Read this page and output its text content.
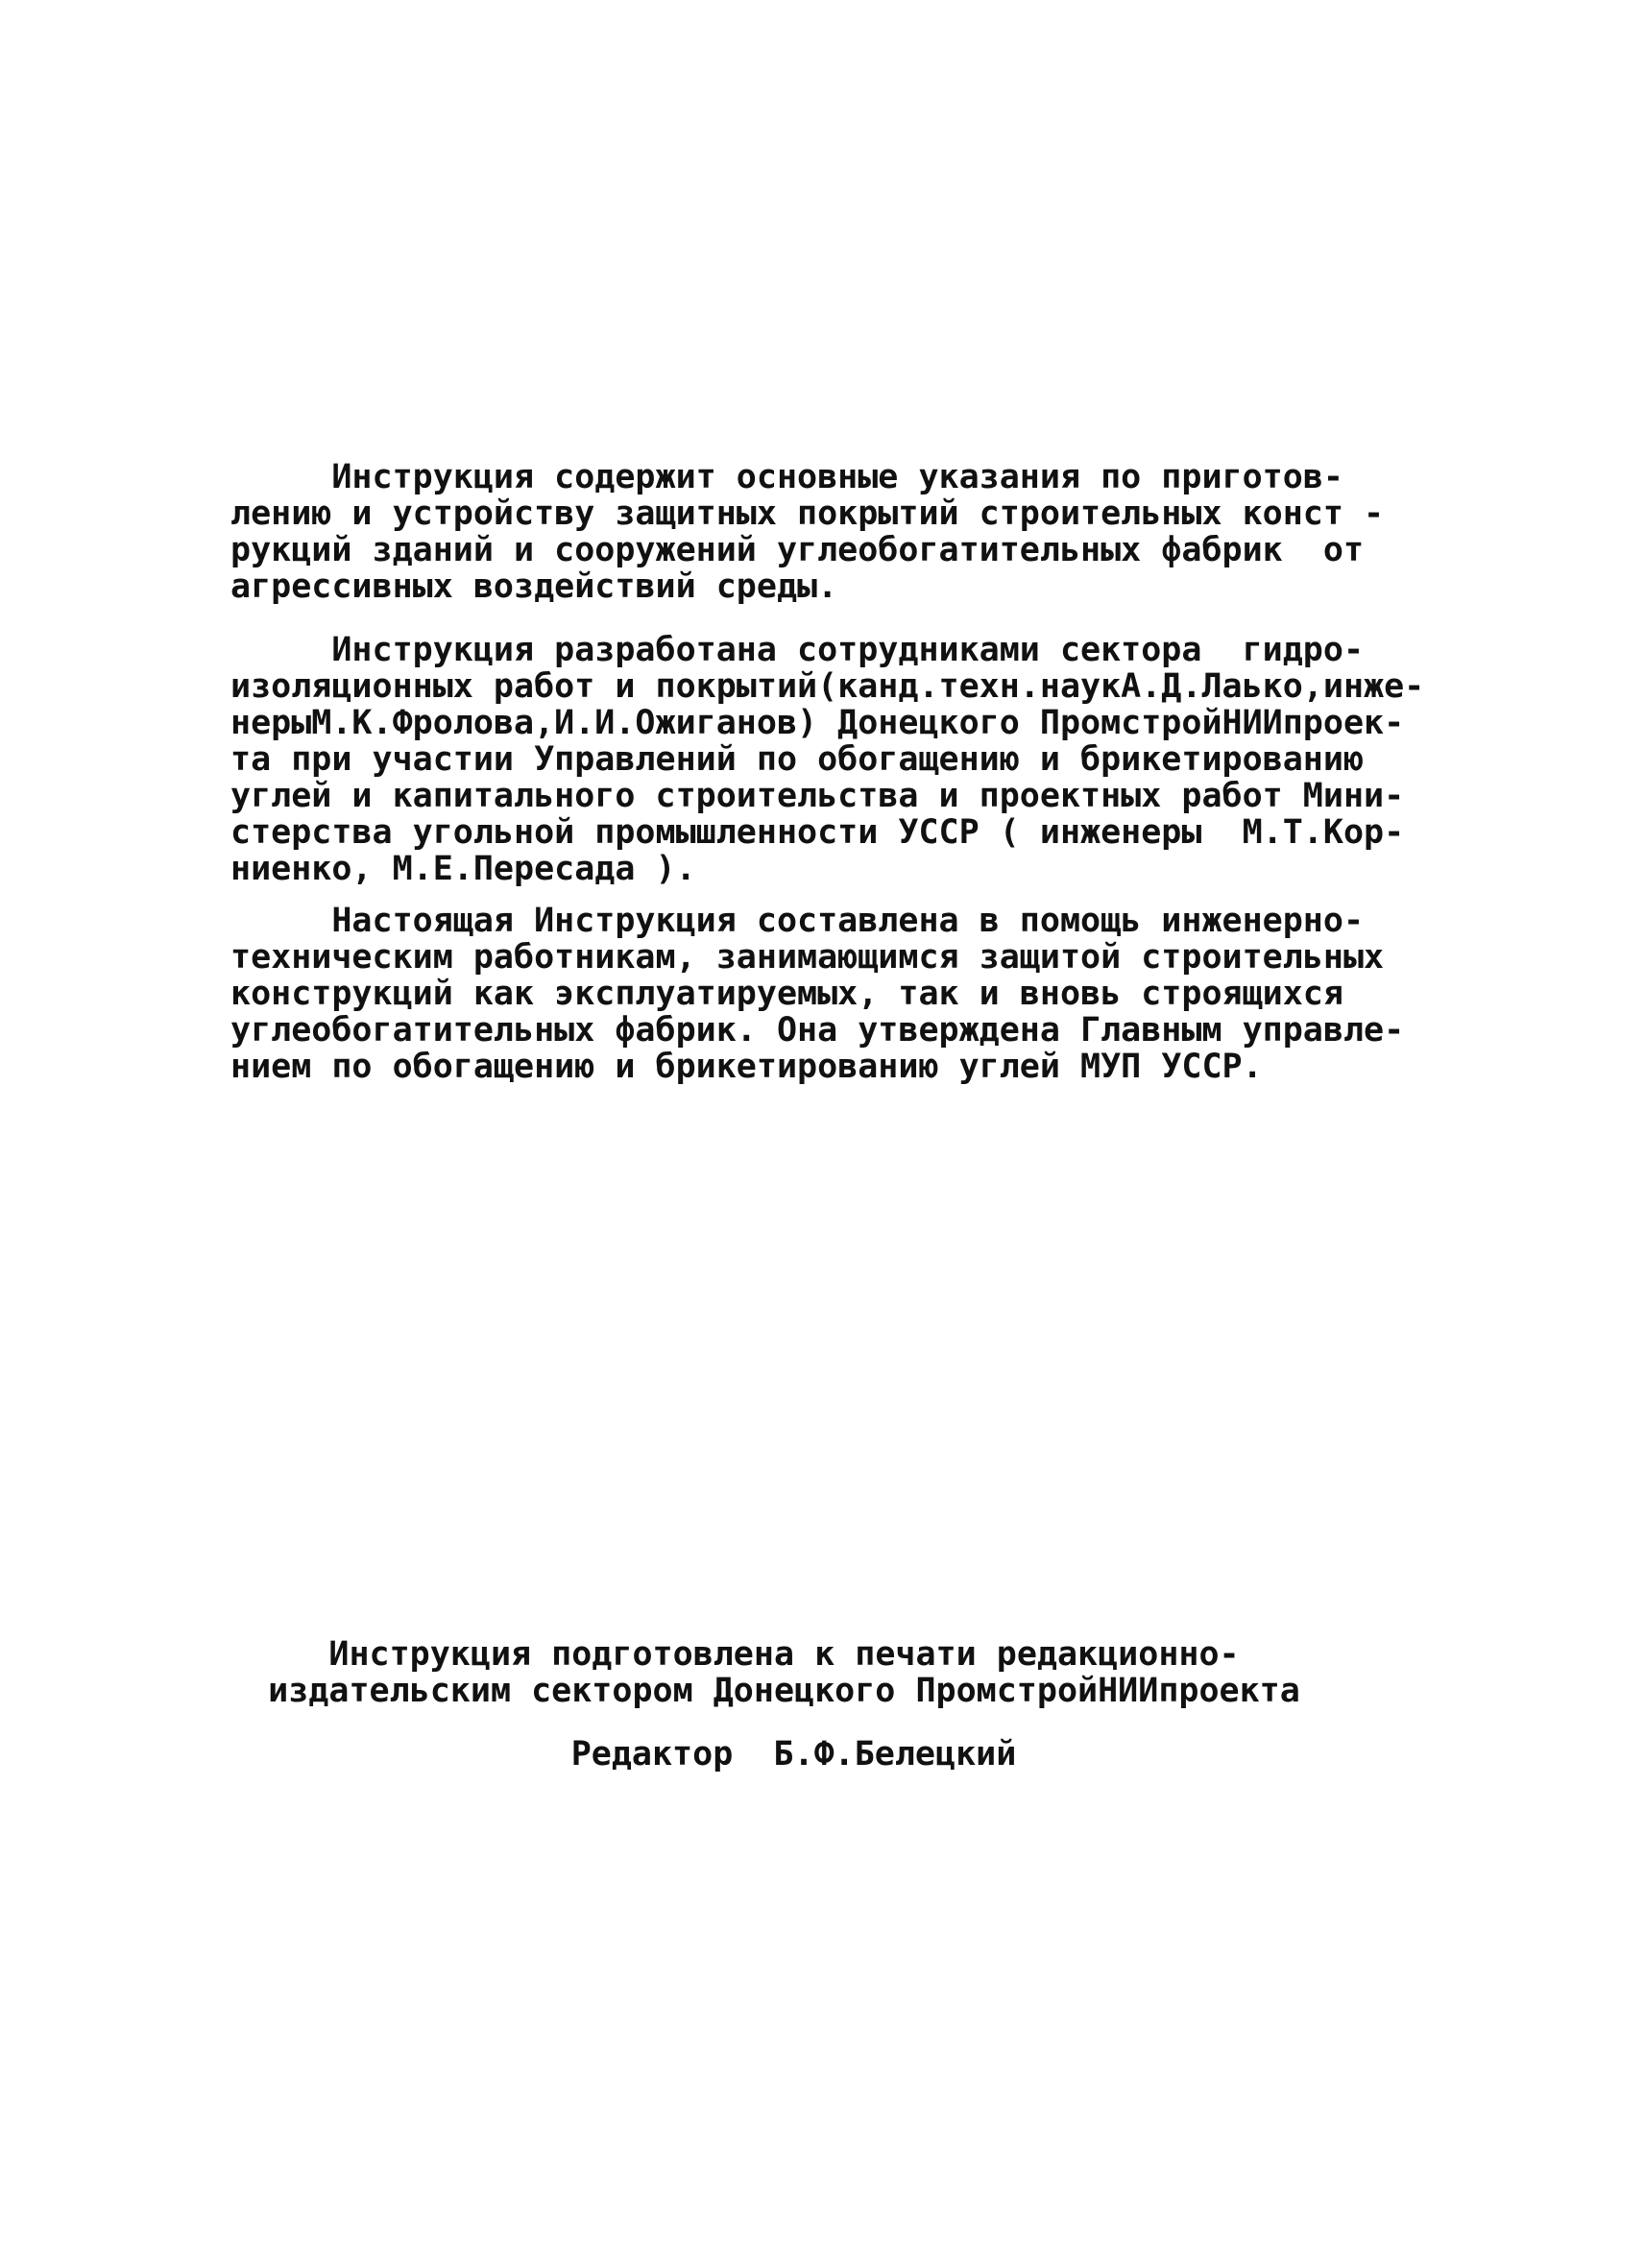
Инструкция содержит основные указания по приготов-
лению и устройству защитных покрытий строительных конст -
рукций зданий и сооружений углеобогатительных фабрик  от
агрессивных воздействий среды.
Инструкция разработана сотрудниками сектора  гидро-
изоляционных работ и покрытий(канд.техн.наукА.Д.Лаько,инже-
нерыМ.К.Фролова,И.И.Ожиганов) Донецкого ПромстройНИИпроек-
та при участии Управлений по обогащению и брикетированию
углей и капитального строительства и проектных работ Мини-
стерства угольной промышленности УССР ( инженеры  М.Т.Кор-
ниенко, М.Е.Пересада ).
Настоящая Инструкция составлена в помощь инженерно-
техническим работникам, занимающимся защитой строительных
конструкций как эксплуатируемых, так и вновь строящихся
углеобогатительных фабрик. Она утверждена Главным управле-
нием по обогащению и брикетированию углей МУП УССР.
Инструкция подготовлена к печати редакционно-
издательским сектором Донецкого ПромстройНИИпроекта
Редактор  Б.Ф.Белецкий
